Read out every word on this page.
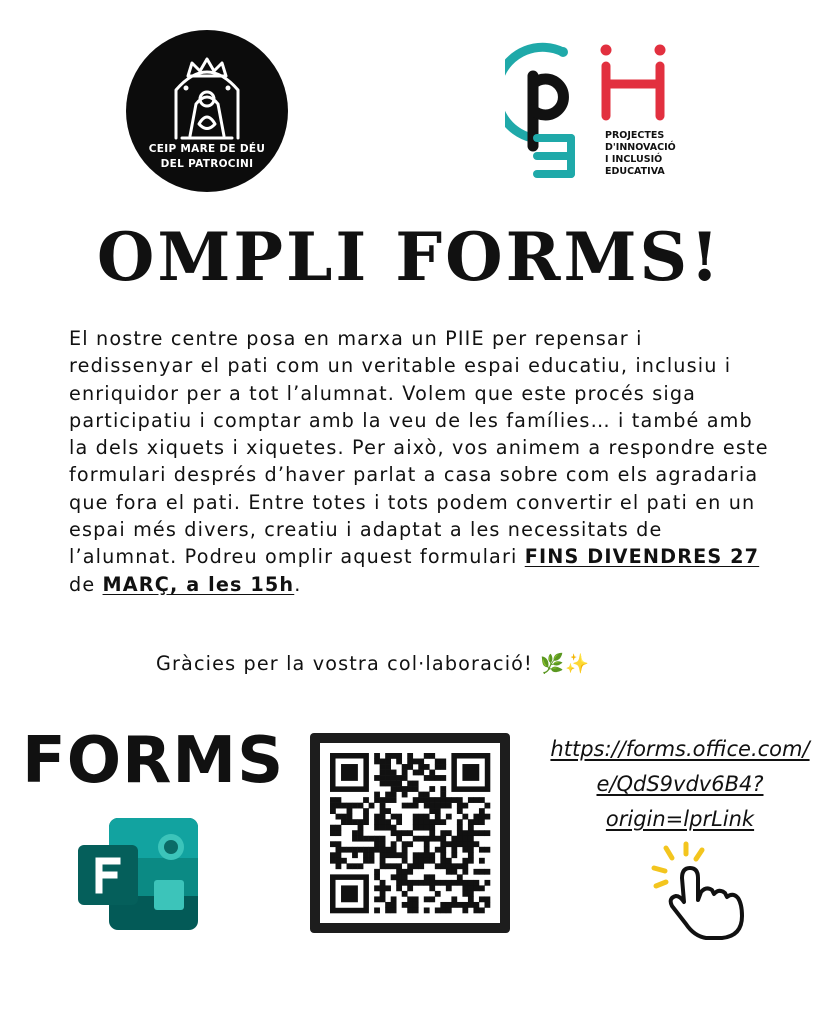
CEIP MARE DE DÉU
DEL PATROCINI
PROJECTES
D'INNOVACIÓ
I INCLUSIÓ
EDUCATIVA
OMPLI FORMS!
El nostre centre posa en marxa un PIIE per repensar i redissenyar el pati com un veritable espai educatiu, inclusiu i enriquidor per a tot l’alumnat. Volem que este procés siga participatiu i comptar amb la veu de les famílies… i també amb la dels xiquets i xiquetes. Per això, vos animem a respondre este formulari després d’haver parlat a casa sobre com els agradaria que fora el pati. Entre totes i tots podem convertir el pati en un espai més divers, creatiu i adaptat a les necessitats de l’alumnat. Podreu omplir aquest formulari FINS DIVENDRES 27 de MARÇ, a les 15h.
Gràcies per la vostra col·laboració! 🌿✨
FORMS	https://forms.office.com/
e/QdS9vdv6B4?
origin=lprLink
